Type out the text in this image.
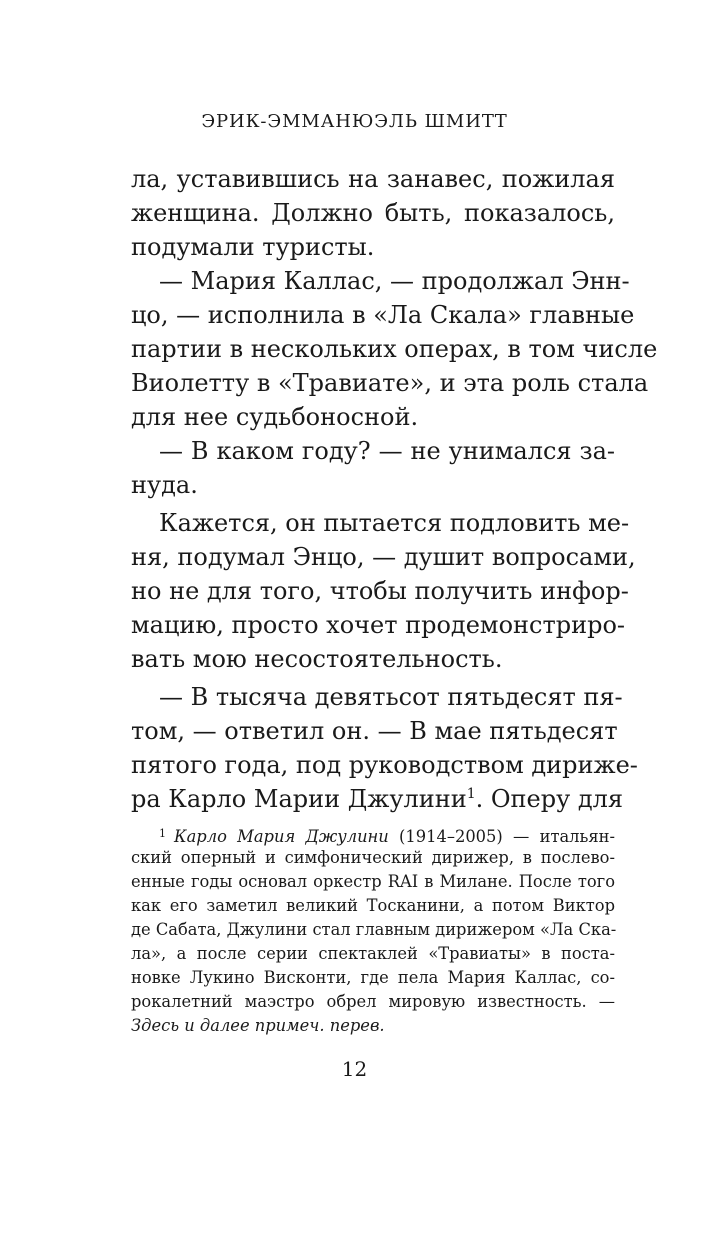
ЭРИК-ЭММАНЮЭЛЬ ШМИТТ
ла, уставившись на занавес, пожилая
женщина. Должно быть, показалось,
подумали туристы.
— Мария Каллас, — продолжал Энн-
цо, — исполнила в «Ла Скала» главные
партии в нескольких операх, в том числе
Виолетту в «Травиате», и эта роль стала
для нее судьбоносной.
— В каком году? — не унимался за-
нуда.
Кажется, он пытается подловить ме-
ня, подумал Энцо, — душит вопросами,
но не для того, чтобы получить инфор-
мацию, просто хочет продемонстриро-
вать мою несостоятельность.
— В тысяча девятьсот пятьдесят пя-
том, — ответил он. — В мае пятьдесят
пятого года, под руководством дирижe-
ра Карло Марии Джулини$^1$. Оперу для
$^1$ Карло Мария Джулини (1914–2005) — итальян-
ский оперный и симфонический дирижер, в послево-
енные годы основал оркестр RAI в Милане. После того
как его заметил великий Тосканини, а потом Виктор
де Сабата, Джулини стал главным дирижером «Ла Ска-
ла», а после серии спектаклей «Травиаты» в поста-
новке Лукино Висконти, где пела Мария Каллас, со-
рокалетний маэстро обрел мировую известность. —
Здесь и далее примеч. перев.
12
